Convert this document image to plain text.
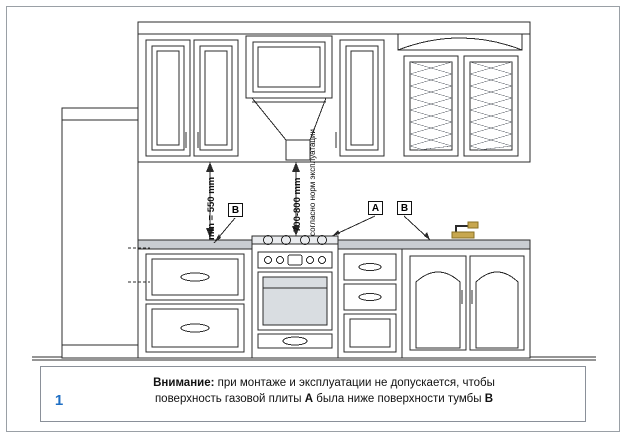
700-800 mm согласно норм эксплуатации
min = 550 mm	В	А	В
1
Внимание: при монтаже и эксплуатации не допускается, чтобы
поверхность газовой плиты А была ниже поверхности тумбы В
